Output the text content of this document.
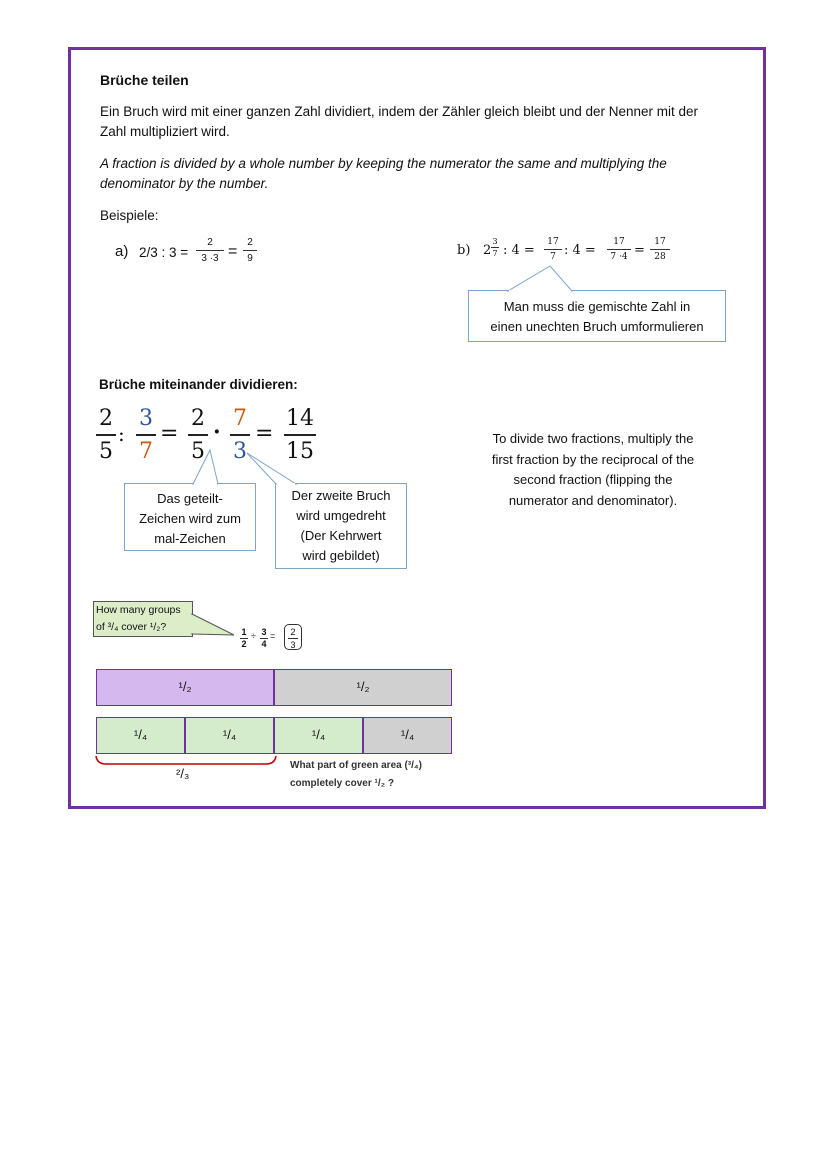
Brüche teilen
Ein Bruch wird mit einer ganzen Zahl dividiert, indem der Zähler gleich bleibt und der Nenner mit der
Zahl multipliziert wird.
A fraction is divided by a whole number by keeping the numerator the same and multiplying the
denominator by the number.
Beispiele:
a) 2/3 : 3 =
2
3 ·3 =
2
9
b) 2
3
7 : 4 =
17
7 : 4 =
17
7 ·4 =
17
28
Man muss die gemischte Zahl in
einen unechten Bruch umformulieren
Brüche miteinander dividieren:
2
5
:
3
7
=
2
5
·
7
3
=
14
15
Das geteilt-
Zeichen wird zum
mal-Zeichen
Der zweite Bruch
wird umgedreht
(Der Kehrwert
wird gebildet)
To divide two fractions, multiply the
first fraction by the reciprocal of the
second fraction (flipping the
numerator and denominator).
How many groups
of ³/₄ cover ¹/₂?	1
2
÷ 3
4
=	2
3
¹/₂	¹/₂
¹/₄	¹/₄	¹/₄	¹/₄
²/₃
What part of green area (³/₄)
completely cover ¹/₂ ?
